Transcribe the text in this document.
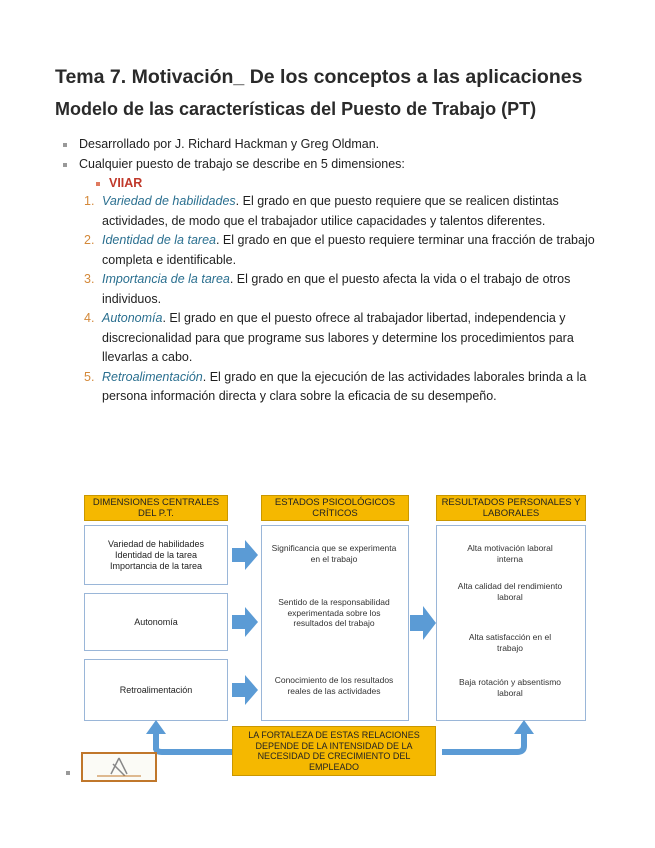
Tema 7. Motivación_ De los conceptos a las aplicaciones
Modelo de las características del Puesto de Trabajo (PT)
Desarrollado por J. Richard Hackman y Greg Oldman.
Cualquier puesto de trabajo se describe en 5 dimensiones:
VIIAR
1. Variedad de habilidades. El grado en que puesto requiere que se realicen distintas actividades, de modo que el trabajador utilice capacidades y talentos diferentes.
2. Identidad de la tarea. El grado en que el puesto requiere terminar una fracción de trabajo completa e identificable.
3. Importancia de la tarea. El grado en que el puesto afecta la vida o el trabajo de otros individuos.
4. Autonomía. El grado en que el puesto ofrece al trabajador libertad, independencia y discrecionalidad para que programe sus labores y determine los procedimientos para llevarlas a cabo.
5. Retroalimentación. El grado en que la ejecución de las actividades laborales brinda a la persona información directa y clara sobre la eficacia de su desempeño.
DIMENSIONES CENTRALES DEL P.T.
ESTADOS PSICOLÓGICOS CRÍTICOS
RESULTADOS PERSONALES Y LABORALES
Variedad de habilidades
Identidad de la tarea
Importancia de la tarea
Autonomía
Retroalimentación
Significancia que se experimenta en el trabajo
Sentido de la responsabilidad experimentada sobre los resultados del trabajo
Conocimiento de los resultados reales de las actividades
Alta motivación laboral interna
Alta calidad del rendimiento laboral
Alta satisfacción en el trabajo
Baja rotación y absentismo laboral
LA FORTALEZA DE ESTAS RELACIONES DEPENDE DE LA INTENSIDAD DE LA NECESIDAD DE CRECIMIENTO DEL EMPLEADO
